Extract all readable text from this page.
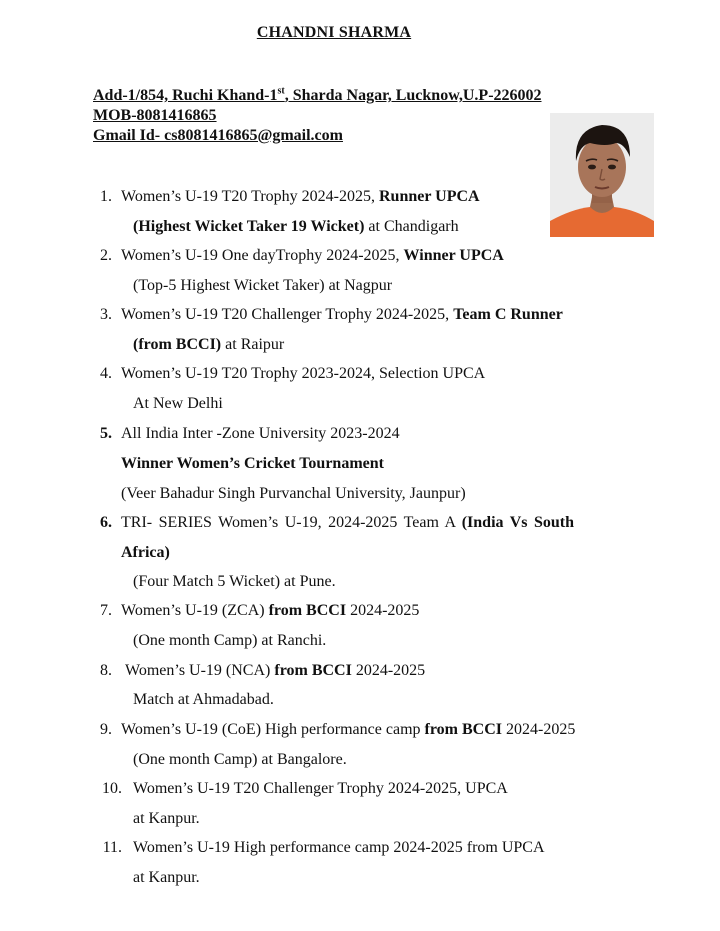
CHANDNI SHARMA
Add-1/854, Ruchi Khand-1st, Sharda Nagar, Lucknow,U.P-226002
MOB-8081416865
Gmail Id- cs8081416865@gmail.com
1. Women’s U-19 T20 Trophy 2024-2025, Runner UPCA
(Highest Wicket Taker 19 Wicket) at Chandigarh
2. Women’s U-19 One dayTrophy 2024-2025, Winner UPCA
(Top-5 Highest Wicket Taker) at Nagpur
3. Women’s U-19 T20 Challenger Trophy 2024-2025, Team C Runner
(from BCCI) at Raipur
4. Women’s U-19 T20 Trophy 2023-2024, Selection UPCA
At New Delhi
5. All India Inter -Zone University 2023-2024
Winner Women’s Cricket Tournament
(Veer Bahadur Singh Purvanchal University, Jaunpur)
6. TRI- SERIES Women’s U-19, 2024-2025 Team A (India Vs South
Africa)
(Four Match 5 Wicket) at Pune.
7. Women’s U-19 (ZCA) from BCCI 2024-2025
(One month Camp) at Ranchi.
8. Women’s U-19 (NCA) from BCCI 2024-2025
Match at Ahmadabad.
9. Women’s U-19 (CoE) High performance camp from BCCI 2024-2025
(One month Camp) at Bangalore.
10. Women’s U-19 T20 Challenger Trophy 2024-2025, UPCA
at Kanpur.
11. Women’s U-19 High performance camp 2024-2025 from UPCA
at Kanpur.
